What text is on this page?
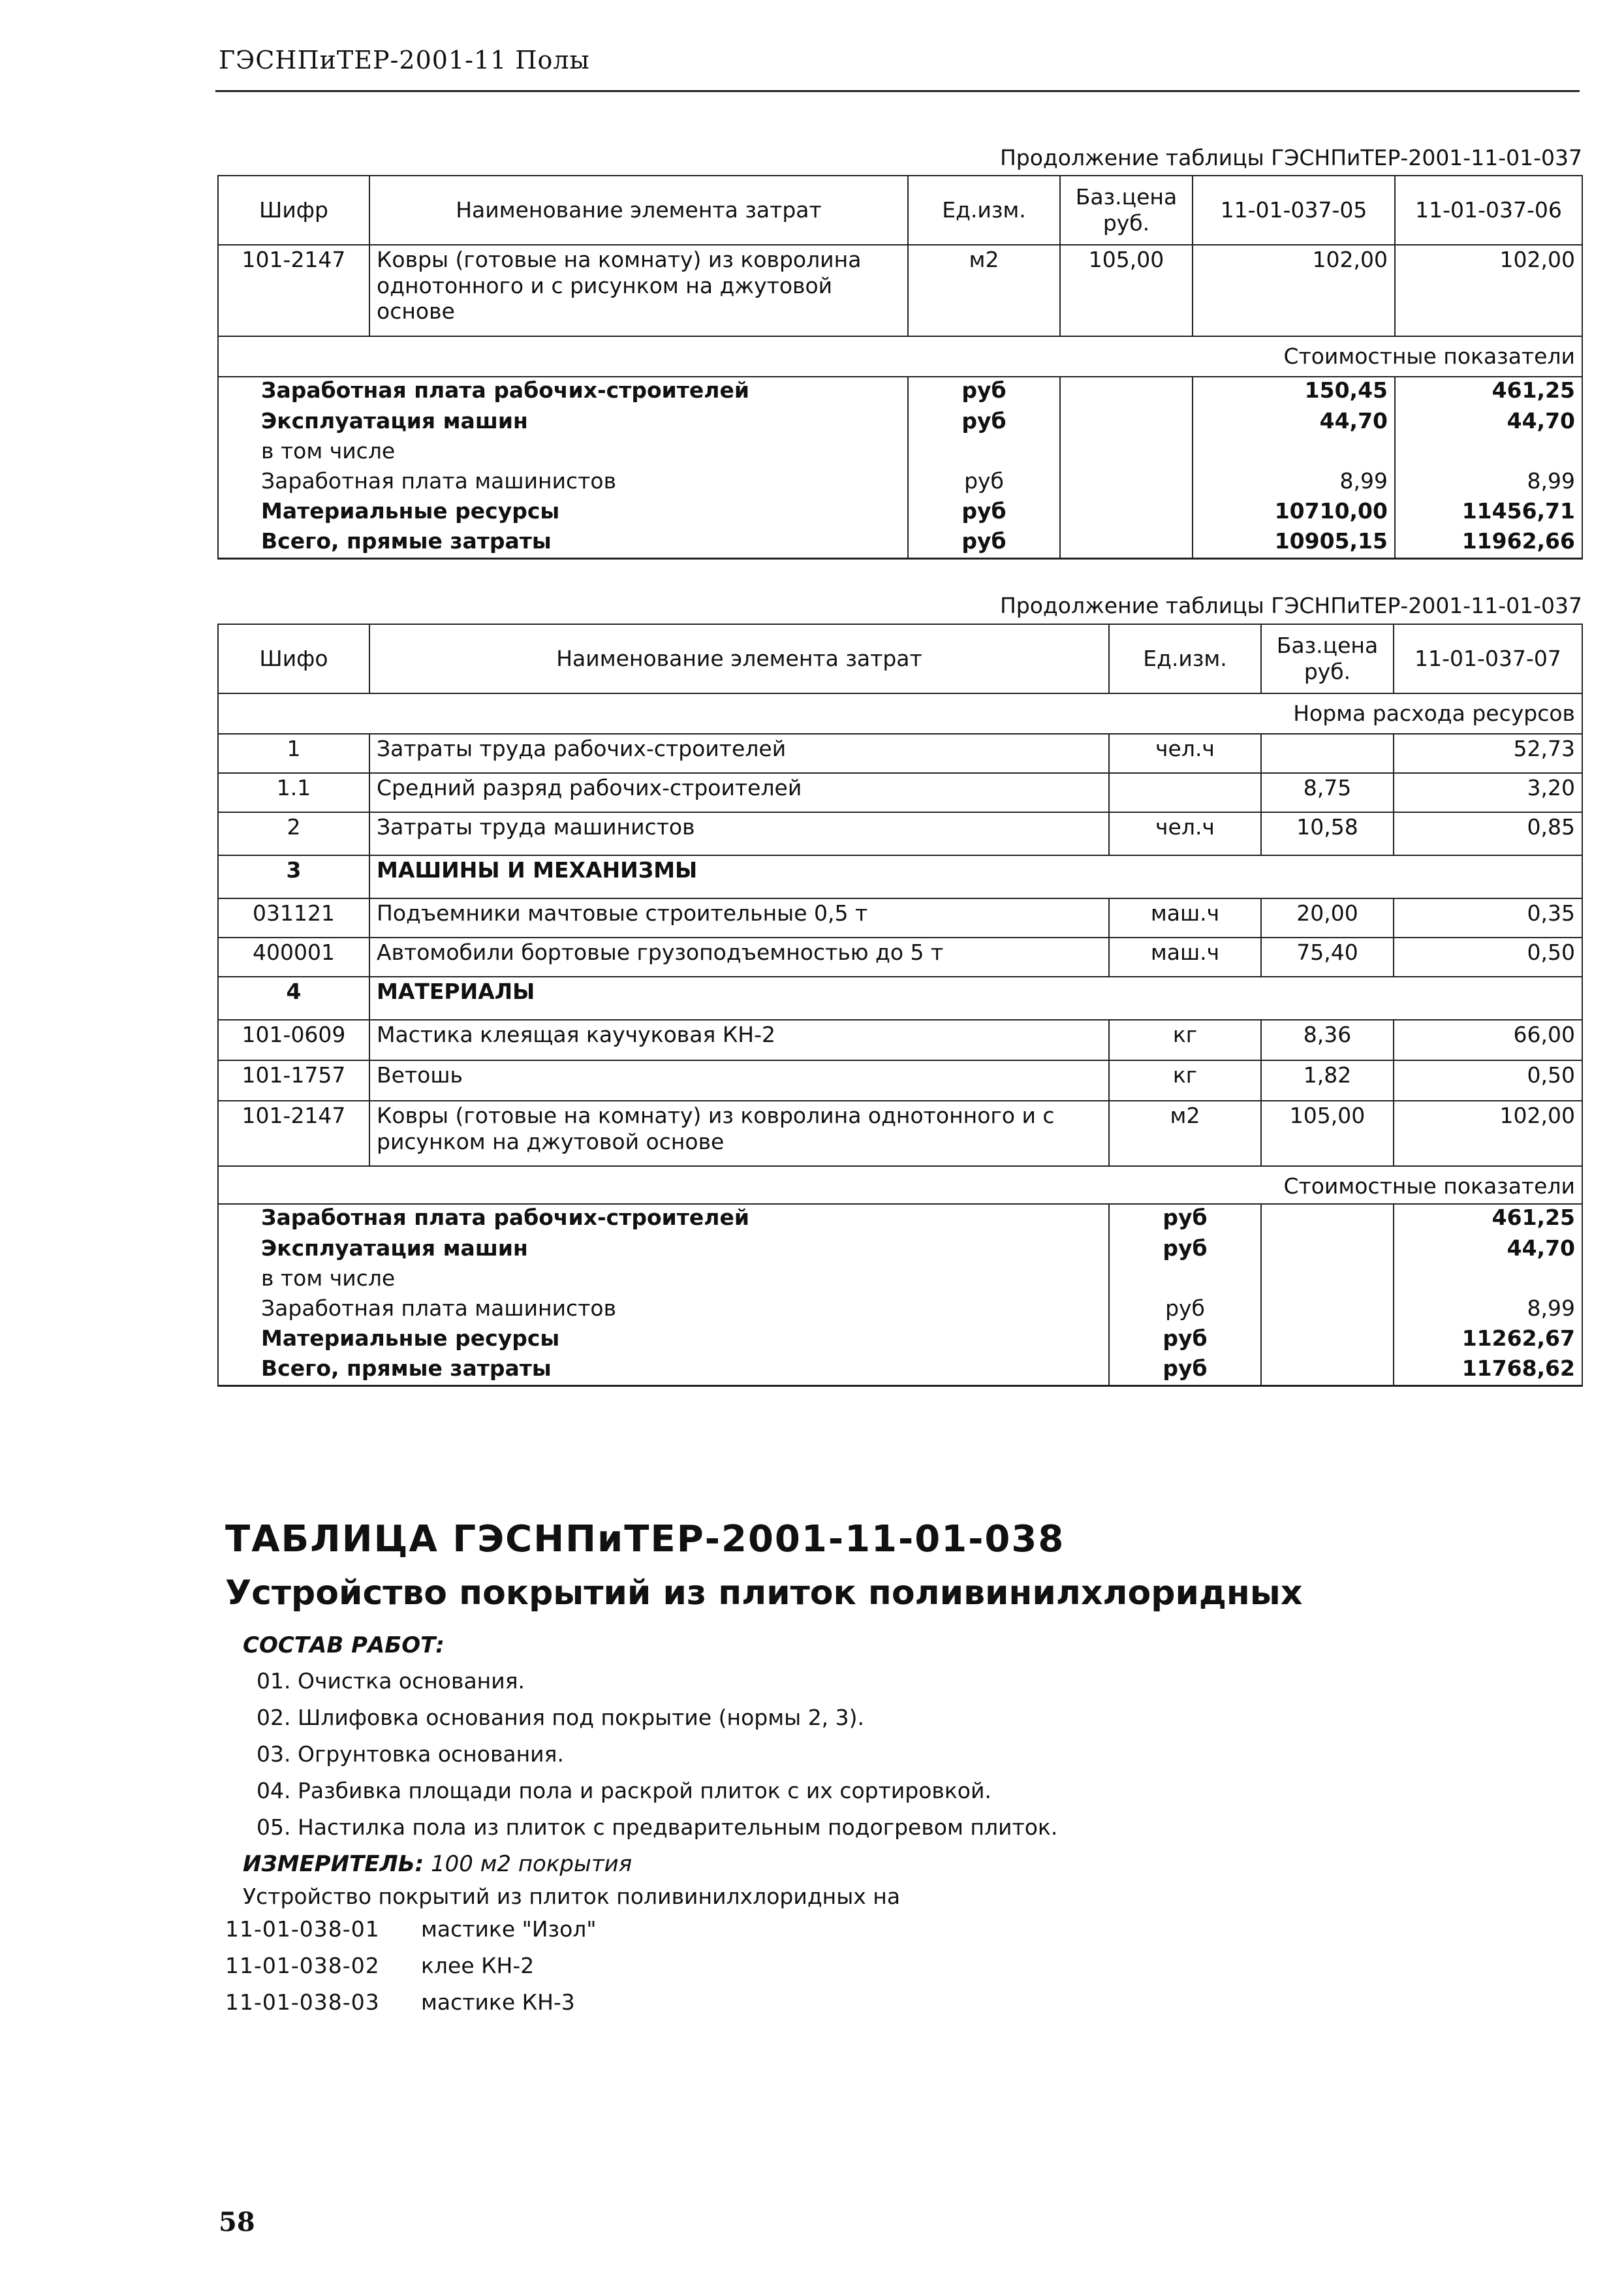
ГЭСНПиТЕР-2001-11 Полы
Продолжение таблицы ГЭСНПиТЕР-2001-11-01-037
Шифр	Наименование элемента затрат	Ед.изм.	Баз.цена руб.	11-01-037-05	11-01-037-06
101-2147	Ковры (готовые на комнату) из ковролина однотонного и с рисунком на джутовой основе	м2	105,00	102,00	102,00
Стоимостные показатели					
Заработная плата рабочих-строителей		руб		150,45	461,25
Эксплуатация машин		руб		44,70	44,70
в том числе					
Заработная плата машинистов		руб		8,99	8,99
Материальные ресурсы		руб		10710,00	11456,71
Всего, прямые затраты		руб		10905,15	11962,66
Продолжение таблицы ГЭСНПиТЕР-2001-11-01-037
Шифо	Наименование элемента затрат	Ед.изм.	Баз.цена руб.	11-01-037-07
Норма расхода ресурсов				
1	Затраты труда рабочих-строителей	чел.ч		52,73
1.1	Средний разряд рабочих-строителей		8,75	3,20
2	Затраты труда машинистов	чел.ч	10,58	0,85
3	МАШИНЫ И МЕХАНИЗМЫ			
031121	Подъемники мачтовые строительные 0,5 т	маш.ч	20,00	0,35
400001	Автомобили бортовые грузоподъемностью до 5 т	маш.ч	75,40	0,50
4	МАТЕРИАЛЫ			
101-0609	Мастика клеящая каучуковая КН-2	кг	8,36	66,00
101-1757	Ветошь	кг	1,82	0,50
101-2147	Ковры (готовые на комнату) из ковролина однотонного и с рисунком на джутовой основе	м2	105,00	102,00
Стоимостные показатели				
Заработная плата рабочих-строителей		руб		461,25
Эксплуатация машин		руб		44,70
в том числе				
Заработная плата машинистов		руб		8,99
Материальные ресурсы		руб		11262,67
Всего, прямые затраты		руб		11768,62
ТАБЛИЦА ГЭСНПиТЕР-2001-11-01-038
Устройство покрытий из плиток поливинилхлоридных
СОСТАВ РАБОТ:
01. Очистка основания.
02. Шлифовка основания под покрытие (нормы 2, 3).
03. Огрунтовка основания.
04. Разбивка площади пола и раскрой плиток с их сортировкой.
05. Настилка пола из плиток с предварительным подогревом плиток.
ИЗМЕРИТЕЛЬ: 100 м2 покрытия
Устройство покрытий из плиток поливинилхлоридных на
11-01-038-01 мастике "Изол"
11-01-038-02 клее КН-2
11-01-038-03 мастике КН-3
58
